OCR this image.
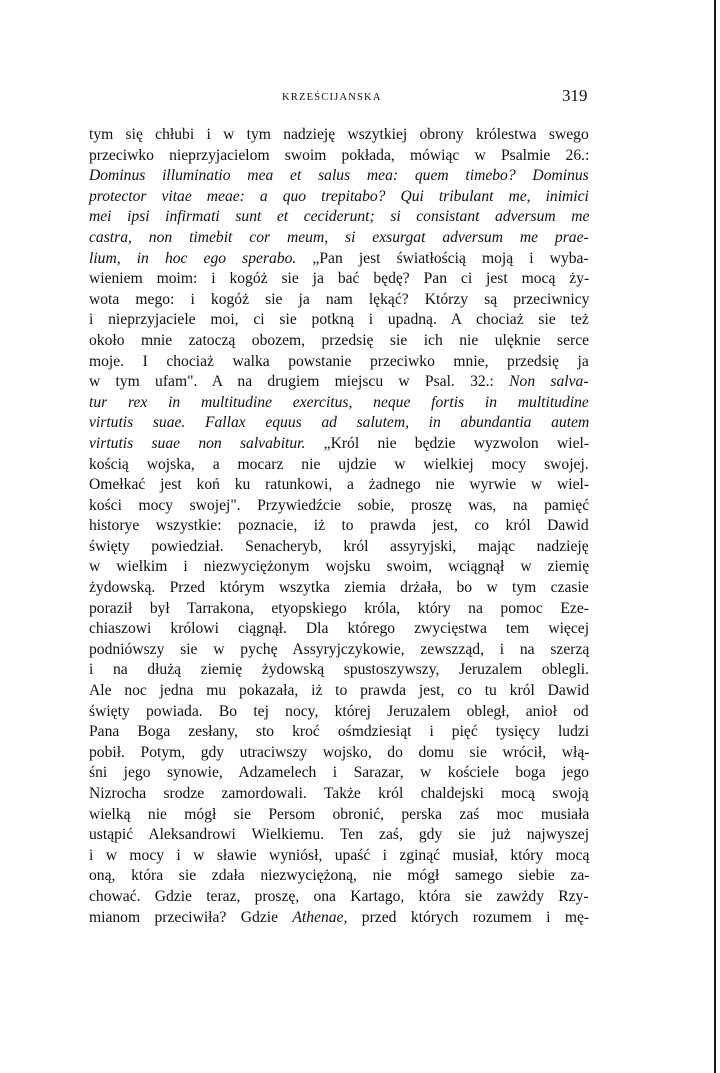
KRZEŚCIJANSKA	319
tym się chłubi i w tym nadzieję wszytkiej obrony królestwa swego
przeciwko nieprzyjacielom swoim pokłada, mówiąc w Psalmie 26.:
Dominus illuminatio mea et salus mea: quem timebo? Dominus
protector vitae meae: a quo trepitabo? Qui tribulant me, inimici
mei ipsi infirmati sunt et ceciderunt; si consistant adversum me
castra, non timebit cor meum, si exsurgat adversum me prae-
lium, in hoc ego sperabo. „Pan jest światłością moją i wyba-
wieniem moim: i kogóż sie ja bać będę? Pan ci jest mocą ży-
wota mego: i kogóż sie ja nam lękąć? Którzy są przeciwnicy
i nieprzyjaciele moi, ci sie potkną i upadną. A chociaż sie też
około mnie zatoczą obozem, przedsię sie ich nie ulęknie serce
moje. I chociaż walka powstanie przeciwko mnie, przedsię ja
w tym ufam". A na drugiem miejscu w Psal. 32.: Non salva-
tur rex in multitudine exercitus, neque fortis in multitudine
virtutis suae. Fallax equus ad salutem, in abundantia autem
virtutis suae non salvabitur. „Król nie będzie wyzwolon wiel-
kością wojska, a mocarz nie ujdzie w wielkiej mocy swojej.
Omełkać jest koń ku ratunkowi, a żadnego nie wyrwie w wiel-
kości mocy swojej". Przywiedźcie sobie, proszę was, na pamięć
historye wszystkie: poznacie, iż to prawda jest, co król Dawid
święty powiedział. Senacheryb, król assyryjski, mając nadzieję
w wielkim i niezwyciężonym wojsku swoim, wciągnął w ziemię
żydowską. Przed którym wszytka ziemia drżała, bo w tym czasie
poraził był Tarrakona, etyopskiego króla, który na pomoc Eze-
chiaszowi królowi ciągnął. Dla którego zwycięstwa tem więcej
podniówszy sie w pychę Assyryjczykowie, zewszząd, i na szerzą
i na dłużą ziemię żydowską spustoszywszy, Jeruzalem oblegli.
Ale noc jedna mu pokazała, iż to prawda jest, co tu król Dawid
święty powiada. Bo tej nocy, której Jeruzalem obległ, anioł od
Pana Boga zesłany, sto kroć ośmdziesiąt i pięć tysięcy ludzi
pobił. Potym, gdy utraciwszy wojsko, do domu sie wrócił, włą-
śni jego synowie, Adzamelech i Sarazar, w kościele boga jego
Nizrocha srodze zamordowali. Także król chaldejski mocą swoją
wielką nie mógł sie Persom obronić, perska zaś moc musiała
ustąpić Aleksandrowi Wielkiemu. Ten zaś, gdy sie już najwyszej
i w mocy i w sławie wyniósł, upaść i zginąć musiał, który mocą
oną, która sie zdała niezwyciężoną, nie mógł samego siebie za-
chować. Gdzie teraz, proszę, ona Kartago, która sie zawżdy Rzy-
mianom przeciwiła? Gdzie Athenae, przed których rozumem i mę-
